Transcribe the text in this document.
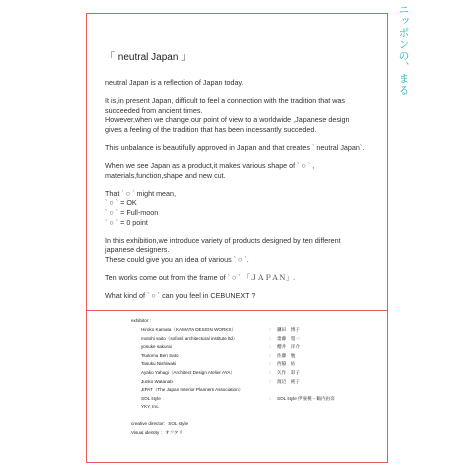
「 neutral Japan 」

neutral Japan is a reflection of Japan today.

It is,in present Japan, difficult to feel a connection with the tradition that was
succeeded from ancient times.
However,when we change our point of view to a worldwide ,Japanese design
gives a feeling of the tradition that has been incessantly succeded.

This unbalance is beautifully approved in Japan and that creates ` neutral Japan`.

When we see Japan as a product,it makes various shape of ` ○ ` ,
materials,function,shape and new cut.

That ` ○ ` might mean,
` ○ ` = OK
` ○ ` = Full-moon
` ○ ` = 0 point

In this exhibition,we introduce variety of products designed by ten different
japanese designers.
These could give you an idea of various ` ○ `.

Ten works come out from the frame of ` ○ ` 「ＪＡＰＡＮ」.

What kind of ` ○ ` can you feel in CEBUNEXT ?

exhibitor :
Hiroko Kamata（KAMATA DESIGN WORKS）	： 鎌田　博子
motohi saito（sofosil architectural institute ltd）	： 齋藤　寛一
yosuke sakurai	： 櫻井　洋介
Tsutomu Ben Sato	： 佐藤　勉
Tasuku Nishiwaki	： 西脇　佑
Ayako Yahagi（Architect Design Atelier AYA）	： 矢作　彩子
Junko Watanab	： 渡辺　純子
JIPAT（The Japan Interior Planners Association）
SOL style	： SOL style 伊豪桃・鶴内由奈
YKY, Inc.
creative director：SOL style
Visual identity ：オフタリ
ニッポンの、まる
